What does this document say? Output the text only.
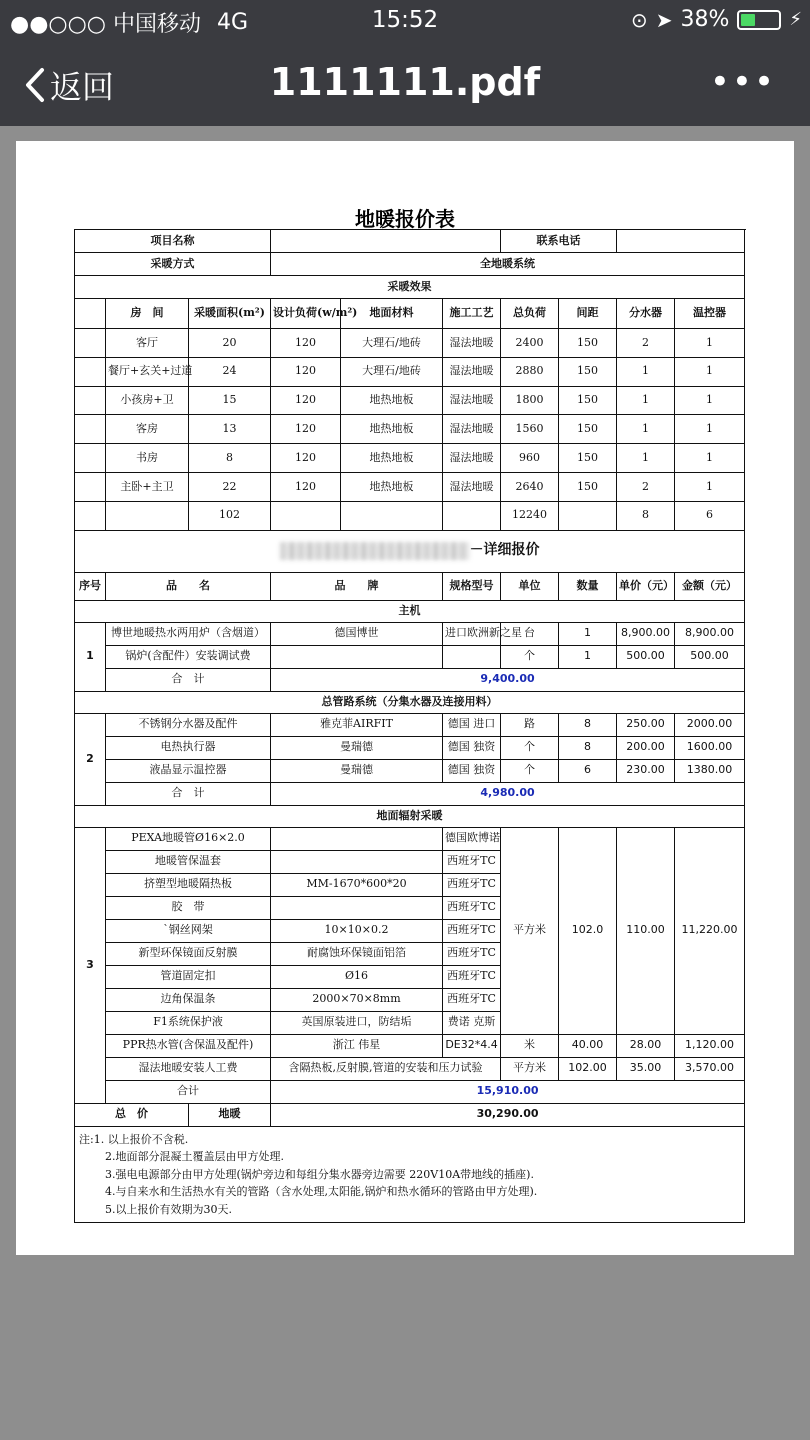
●●○○○ 中国移动 4G	15:52	⊙ ➤ 38%	⚡
返回	1111111.pdf	•••
地暖报价表
项目名称						联系电话			
采暖方式			全地暖系统						
采暖效果									
	房　间	采暖面积(m²)	设计负荷(w/m²)	地面材料	施工工艺	总负荷	间距	分水器	温控器
	客厅	20	120	大理石/地砖	湿法地暖	2400	150	2	1
	餐厅+玄关+过道	24	120	大理石/地砖	湿法地暖	2880	150	1	1
	小孩房+卫	15	120	地热地板	湿法地暖	1800	150	1	1
	客房	13	120	地热地板	湿法地暖	1560	150	1	1
	书房	8	120	地热地板	湿法地暖	960	150	1	1
	主卧+主卫	22	120	地热地板	湿法地暖	2640	150	2	1
		102				12240		8	6
－详细报价									
序号	品　　名		品　　牌		规格型号	单位	数量	单价（元）	金额（元）
主机									
1	博世地暖热水两用炉（含烟道）		德国博世		进口欧洲新之星	台	1	8,900.00	8,900.00
	锅炉(含配件）安装调试费					个	1	500.00	500.00
	合　计		9,400.00						
总管路系统（分集水器及连接用料）									
2	不锈钢分水器及配件		雅克菲AIRFIT		德国 进口	路	8	250.00	2000.00
	电热执行器		曼瑞德		德国 独资	个	8	200.00	1600.00
	液晶显示温控器		曼瑞德		德国 独资	个	6	230.00	1380.00
	合　计		4,980.00						
地面辐射采暖									
3	PEXA地暖管Ø16×2.0				德国欧博诺	平方米	102.0	110.00	11,220.00
	地暖管保温套				西班牙TC				
	挤塑型地暖隔热板		MM-1670*600*20		西班牙TC				
	胶　带				西班牙TC				
	`钢丝网架		10×10×0.2		西班牙TC				
	新型环保镜面反射膜		耐腐蚀环保镜面铝箔		西班牙TC				
	管道固定扣		Ø16		西班牙TC				
	边角保温条		2000×70×8mm		西班牙TC				
	F1系统保护液		英国原装进口，防结垢		费诺 克斯				
	PPR热水管(含保温及配件)		浙江 伟星		DE32*4.4	米	40.00	28.00	1,120.00
	湿法地暖安装人工费		含隔热板,反射膜,管道的安装和压力试验			平方米	102.00	35.00	3,570.00
	合计		15,910.00						
总　价		地暖	30,290.00						

注:1. 以上报价不含税.
2.地面部分混凝土覆盖层由甲方处理.
3.强电电源部分由甲方处理(锅炉旁边和每组分集水器旁边需要 220V10A带地线的插座).
4.与自来水和生活热水有关的管路（含水处理,太阳能,锅炉和热水循环的管路由甲方处理).
5.以上报价有效期为30天.									
